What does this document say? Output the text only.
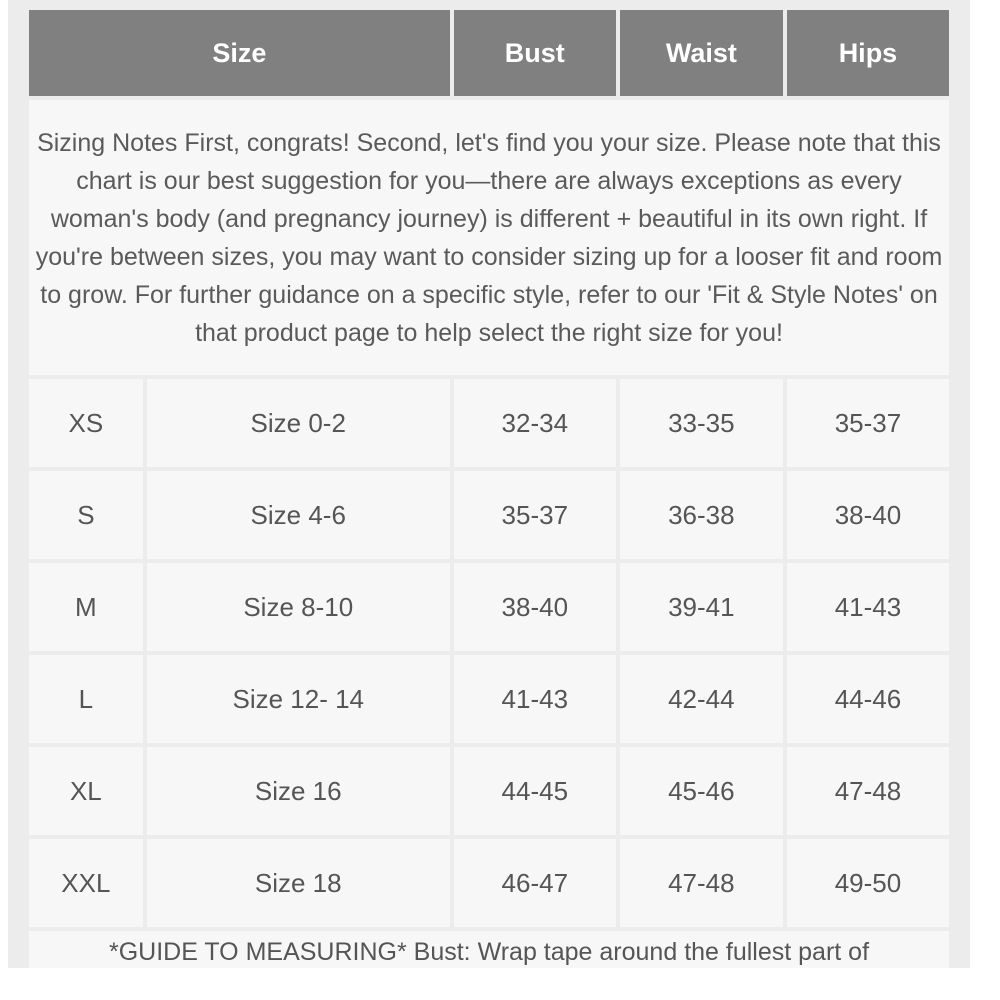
Size		Bust	Waist	Hips
Sizing Notes First, congrats! Second, let's find you your size. Please note that this chart is our best suggestion for you—there are always exceptions as every woman's body (and pregnancy journey) is different + beautiful in its own right. If you're between sizes, you may want to consider sizing up for a looser fit and room to grow. For further guidance on a specific style, refer to our 'Fit & Style Notes' on that product page to help select the right size for you!				
XS	Size 0-2	32-34	33-35	35-37
S	Size 4-6	35-37	36-38	38-40
M	Size 8-10	38-40	39-41	41-43
L	Size 12- 14	41-43	42-44	44-46
XL	Size 16	44-45	45-46	47-48
XXL	Size 18	46-47	47-48	49-50
*GUIDE TO MEASURING* Bust: Wrap tape around the fullest part of				
